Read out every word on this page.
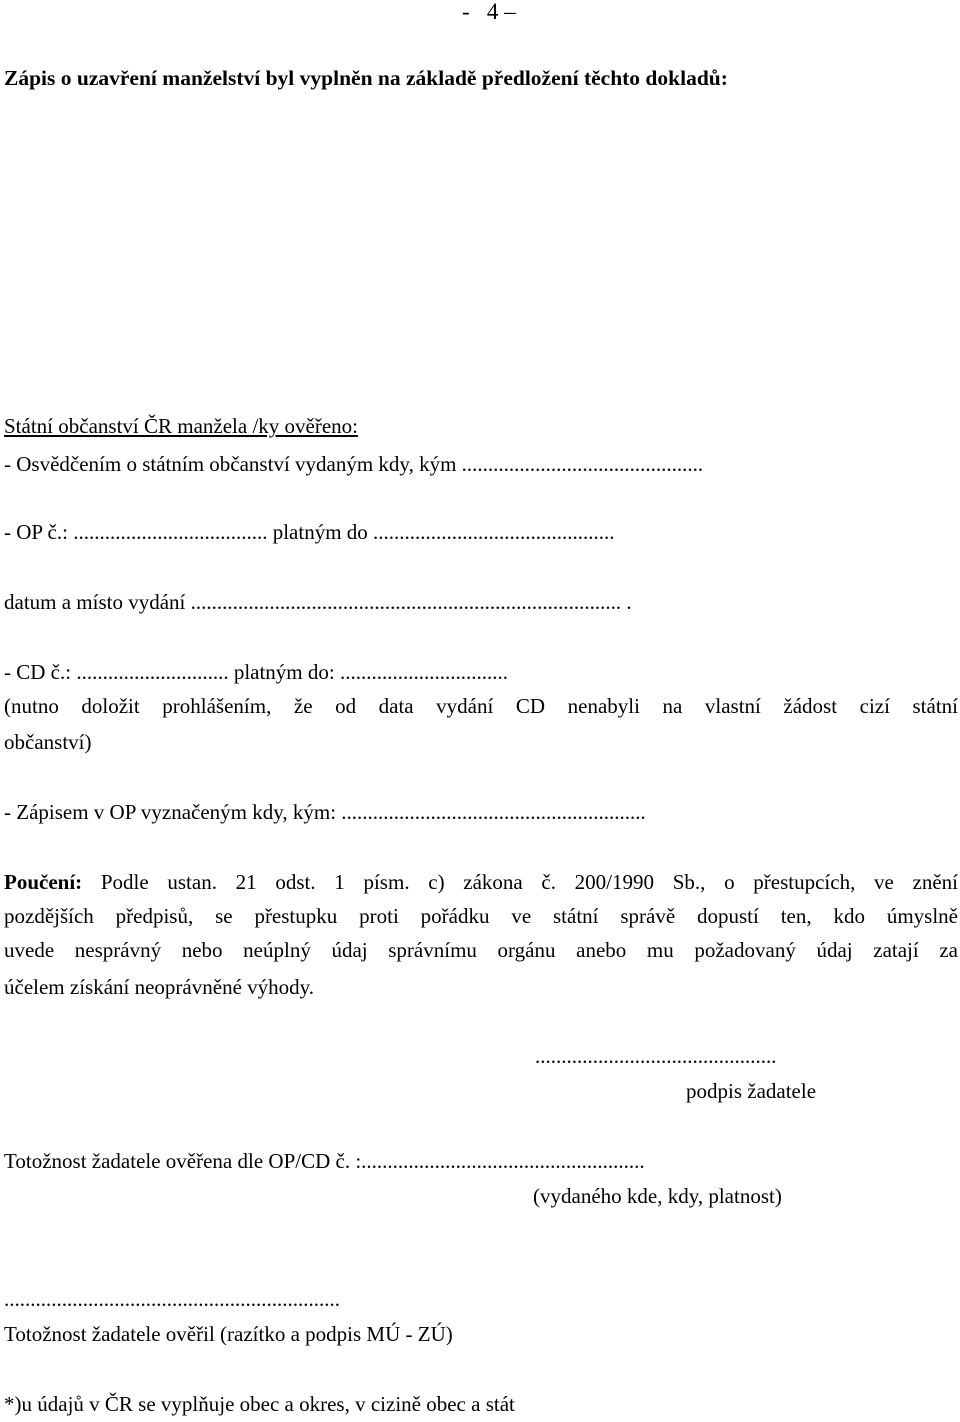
-   4 –
Zápis o uzavření manželství byl vyplněn na základě předložení těchto dokladů:
Státní občanství ČR manžela /ky ověřeno:
- Osvědčením o státním občanství vydaným kdy, kým ..............................................
- OP č.: ..................................... platným do ..............................................
datum a místo vydání .................................................................................. .
- CD č.: ............................. platným do: ................................
(nutno doložit prohlášením, že od data vydání CD nenabyli na vlastní žádost cizí státní
občanství)
- Zápisem v OP vyznačeným kdy, kým: ..........................................................
Poučení: Podle ustan. 21 odst. 1 písm. c) zákona č. 200/1990 Sb., o přestupcích, ve znění
pozdějších předpisů, se přestupku proti pořádku ve státní správě dopustí ten, kdo úmyslně
uvede nesprávný nebo neúplný údaj správnímu orgánu anebo mu požadovaný údaj zatají za
účelem získání neoprávněné výhody.
..............................................
podpis žadatele
Totožnost žadatele ověřena dle OP/CD č. :......................................................
(vydaného kde, kdy, platnost)
................................................................
Totožnost žadatele ověřil (razítko a podpis MÚ - ZÚ)
*)u údajů v ČR se vyplňuje obec a okres, v cizině obec a stát
